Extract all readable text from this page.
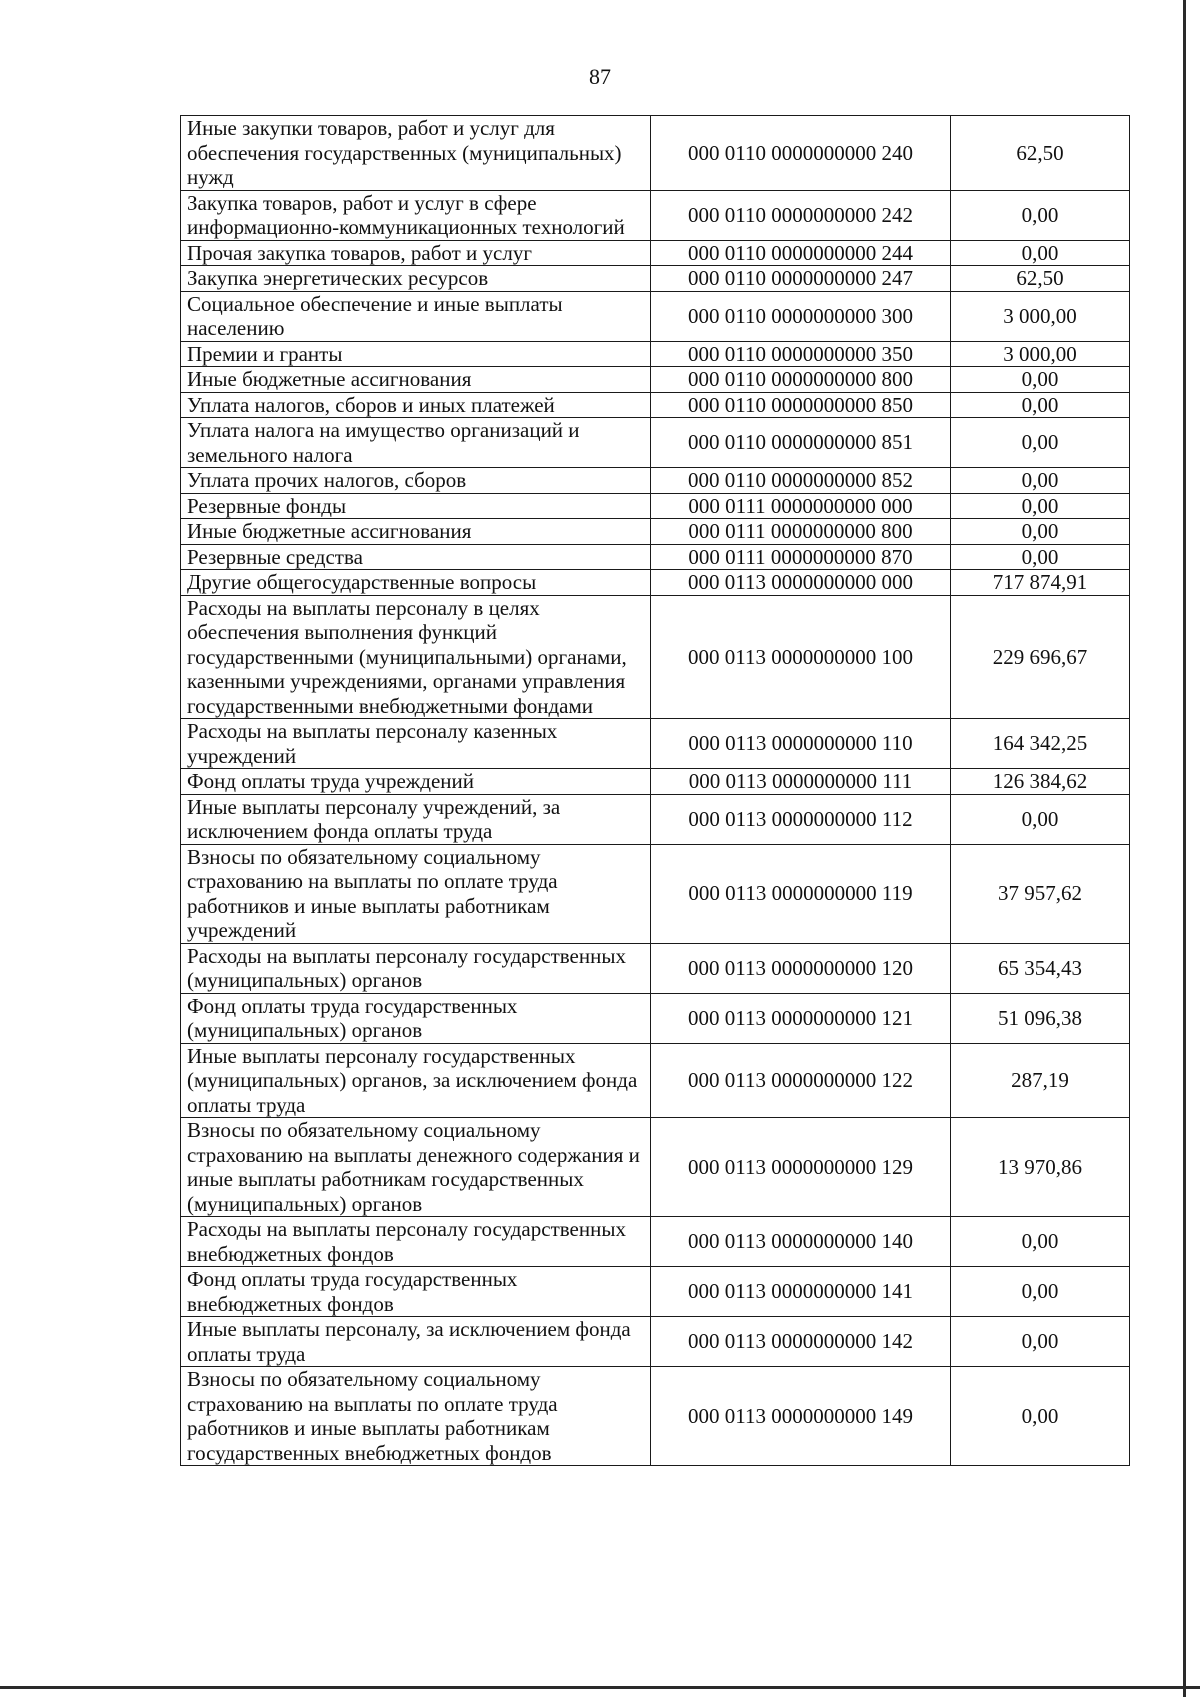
87
Иные закупки товаров, работ и услуг для обеспечения государственных (муниципальных) нужд	000 0110 0000000000 240	62,50
Закупка товаров, работ и услуг в сфере информационно-коммуникационных технологий	000 0110 0000000000 242	0,00
Прочая закупка товаров, работ и услуг	000 0110 0000000000 244	0,00
Закупка энергетических ресурсов	000 0110 0000000000 247	62,50
Социальное обеспечение и иные выплаты населению	000 0110 0000000000 300	3 000,00
Премии и гранты	000 0110 0000000000 350	3 000,00
Иные бюджетные ассигнования	000 0110 0000000000 800	0,00
Уплата налогов, сборов и иных платежей	000 0110 0000000000 850	0,00
Уплата налога на имущество организаций и земельного налога	000 0110 0000000000 851	0,00
Уплата прочих налогов, сборов	000 0110 0000000000 852	0,00
Резервные фонды	000 0111 0000000000 000	0,00
Иные бюджетные ассигнования	000 0111 0000000000 800	0,00
Резервные средства	000 0111 0000000000 870	0,00
Другие общегосударственные вопросы	000 0113 0000000000 000	717 874,91
Расходы на выплаты персоналу в целях обеспечения выполнения функций государственными (муниципальными) органами, казенными учреждениями, органами управления государственными внебюджетными фондами	000 0113 0000000000 100	229 696,67
Расходы на выплаты персоналу казенных учреждений	000 0113 0000000000 110	164 342,25
Фонд оплаты труда учреждений	000 0113 0000000000 111	126 384,62
Иные выплаты персоналу учреждений, за исключением фонда оплаты труда	000 0113 0000000000 112	0,00
Взносы по обязательному социальному страхованию на выплаты по оплате труда работников и иные выплаты работникам учреждений	000 0113 0000000000 119	37 957,62
Расходы на выплаты персоналу государственных (муниципальных) органов	000 0113 0000000000 120	65 354,43
Фонд оплаты труда государственных (муниципальных) органов	000 0113 0000000000 121	51 096,38
Иные выплаты персоналу государственных (муниципальных) органов, за исключением фонда оплаты труда	000 0113 0000000000 122	287,19
Взносы по обязательному социальному страхованию на выплаты денежного содержания и иные выплаты работникам государственных (муниципальных) органов	000 0113 0000000000 129	13 970,86
Расходы на выплаты персоналу государственных внебюджетных фондов	000 0113 0000000000 140	0,00
Фонд оплаты труда государственных внебюджетных фондов	000 0113 0000000000 141	0,00
Иные выплаты персоналу, за исключением фонда оплаты труда	000 0113 0000000000 142	0,00
Взносы по обязательному социальному страхованию на выплаты по оплате труда работников и иные выплаты работникам государственных внебюджетных фондов	000 0113 0000000000 149	0,00
